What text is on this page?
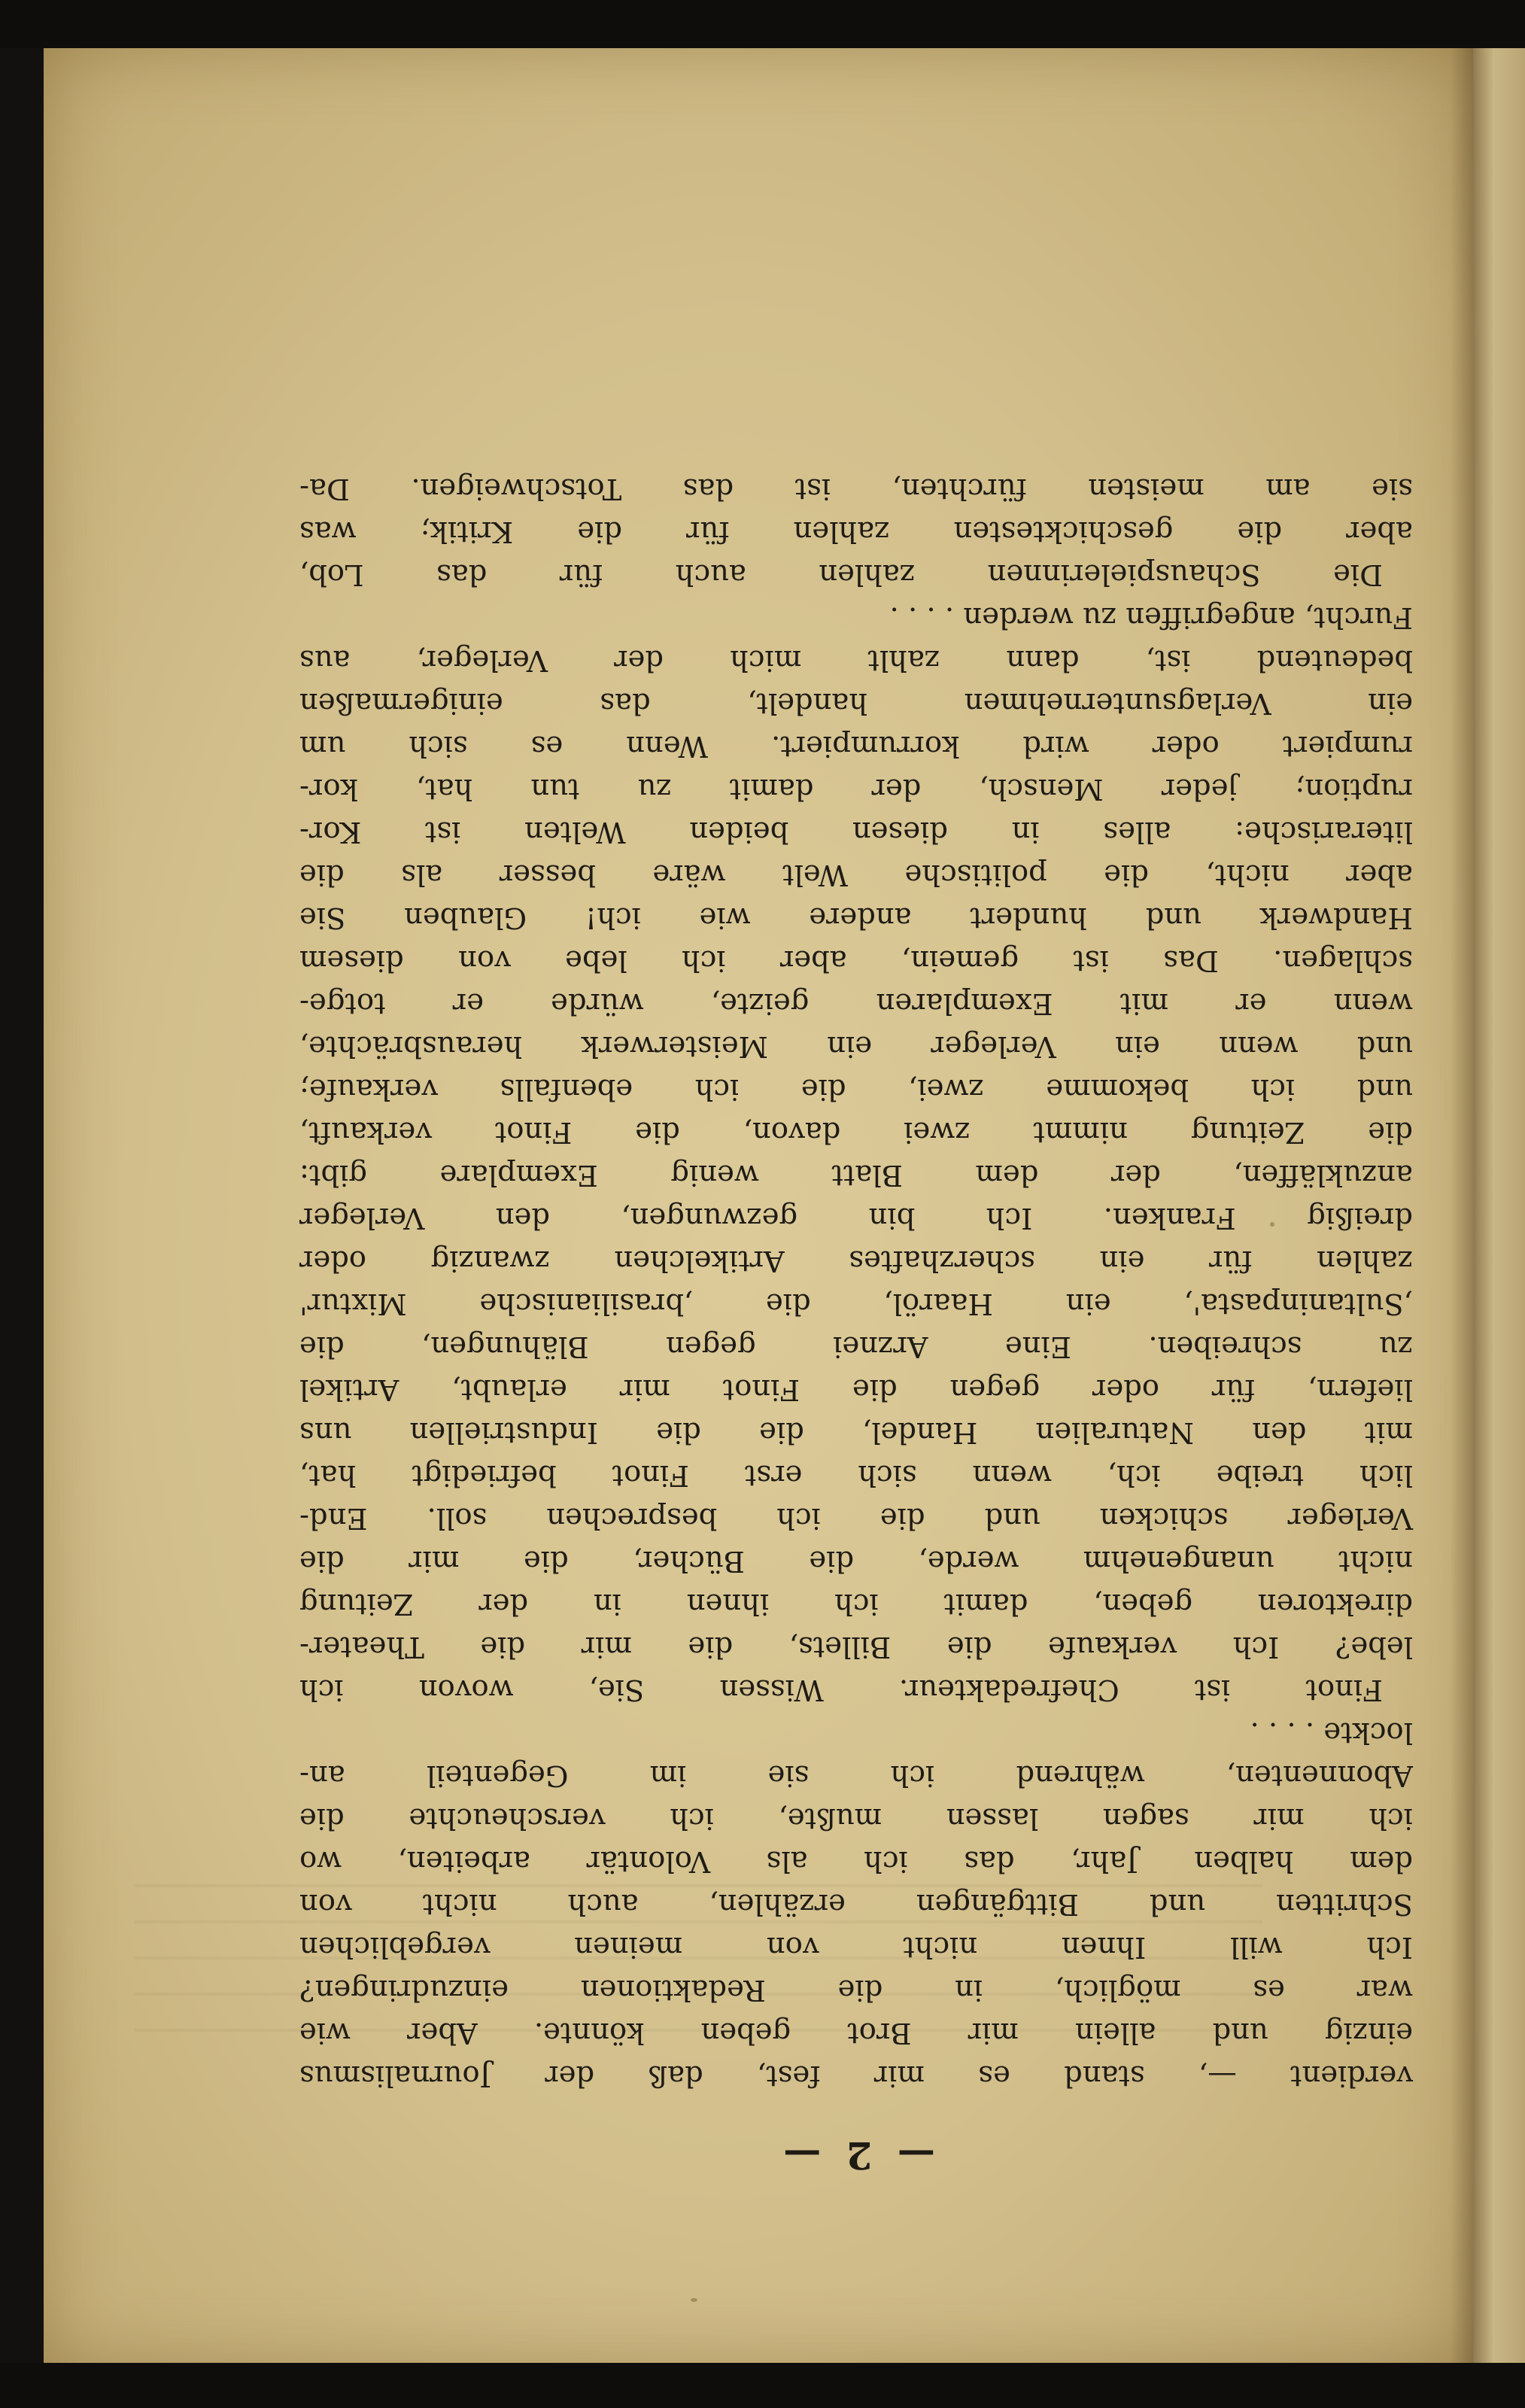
— 2 —
verdient —, stand es mir fest, daß der Journalismus
einzig und allein mir Brot geben könnte. Aber wie
war es möglich, in die Redaktionen einzudringen?
Ich will Ihnen nicht von meinen vergeblichen
Schritten und Bittgängen erzählen, auch nicht von
dem halben Jahr, das ich als Volontär arbeiten, wo
ich mir sagen lassen mußte, ich verscheuchte die
Abonnenten, während ich sie im Gegenteil an-
lockte . . . .
Finot ist Chefredakteur. Wissen Sie, wovon ich
lebe? Ich verkaufe die Billets, die mir die Theater-
direktoren geben, damit ich ihnen in der Zeitung
nicht unangenehm werde, die Bücher, die mir die
Verleger schicken und die ich besprechen soll. End-
lich treibe ich, wenn sich erst Finot befriedigt hat,
mit den Naturalien Handel, die die Industriellen uns
liefern, für oder gegen die Finot mir erlaubt, Artikel
zu schreiben. Eine Arznei gegen Blähungen, die
‚Sultaninpasta', ein Haaröl, die ‚brasilianische Mixtur'
zahlen für ein scherzhaftes Artikelchen zwanzig oder
dreißig Franken. Ich bin gezwungen, den Verleger
anzukläffen, der dem Blatt wenig Exemplare gibt:
die Zeitung nimmt zwei davon, die Finot verkauft,
und ich bekomme zwei, die ich ebenfalls verkaufe;
und wenn ein Verleger ein Meisterwerk herausbrächte,
wenn er mit Exemplaren geizte, würde er totge-
schlagen. Das ist gemein, aber ich lebe von diesem
Handwerk und hundert andere wie ich! Glauben Sie
aber nicht, die politische Welt wäre besser als die
literarische: alles in diesen beiden Welten ist Kor-
ruption; jeder Mensch, der damit zu tun hat, kor-
rumpiert oder wird korrumpiert. Wenn es sich um
ein Verlagsunternehmen handelt, das einigermaßen
bedeutend ist, dann zahlt mich der Verleger, aus
Furcht, angegriffen zu werden . . . .
Die Schauspielerinnen zahlen auch für das Lob,
aber die geschicktesten zahlen für die Kritik; was
sie am meisten fürchten, ist das Totschweigen. Da-
